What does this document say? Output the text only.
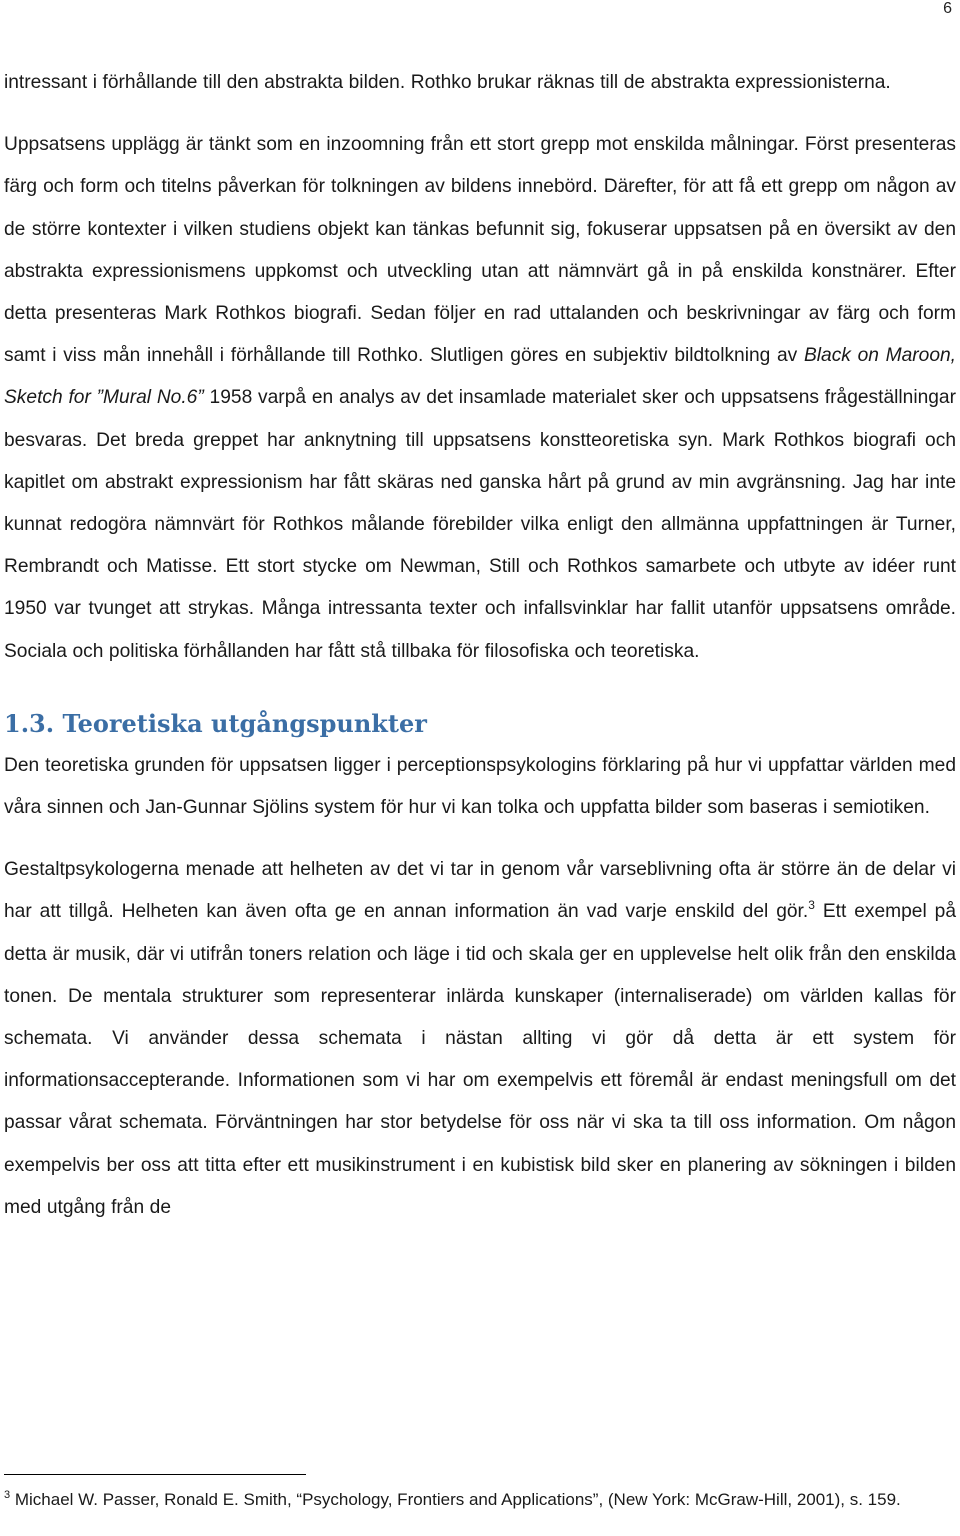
6

intressant i förhållande till den abstrakta bilden. Rothko brukar räknas till de abstrakta expressionisterna.

Uppsatsens upplägg är tänkt som en inzoomning från ett stort grepp mot enskilda målningar. Först presenteras färg och form och titelns påverkan för tolkningen av bildens innebörd. Därefter, för att få ett grepp om någon av de större kontexter i vilken studiens objekt kan tänkas befunnit sig, fokuserar uppsatsen på en översikt av den abstrakta expressionismens uppkomst och utveckling utan att nämnvärt gå in på enskilda konstnärer. Efter detta presenteras Mark Rothkos biografi. Sedan följer en rad uttalanden och beskrivningar av färg och form samt i viss mån innehåll i förhållande till Rothko. Slutligen göres en subjektiv bildtolkning av Black on Maroon, Sketch for ”Mural No.6” 1958 varpå en analys av det insamlade materialet sker och uppsatsens frågeställningar besvaras. Det breda greppet har anknytning till uppsatsens konstteoretiska syn. Mark Rothkos biografi och kapitlet om abstrakt expressionism har fått skäras ned ganska hårt på grund av min avgränsning. Jag har inte kunnat redogöra nämnvärt för Rothkos målande förebilder vilka enligt den allmänna uppfattningen är Turner, Rembrandt och Matisse. Ett stort stycke om Newman, Still och Rothkos samarbete och utbyte av idéer runt 1950 var tvunget att strykas. Många intressanta texter och infallsvinklar har fallit utanför uppsatsens område. Sociala och politiska förhållanden har fått stå tillbaka för filosofiska och teoretiska.

1.3. Teoretiska utgångspunkter

Den teoretiska grunden för uppsatsen ligger i perceptionspsykologins förklaring på hur vi uppfattar världen med våra sinnen och Jan-Gunnar Sjölins system för hur vi kan tolka och uppfatta bilder som baseras i semiotiken.

Gestaltpsykologerna menade att helheten av det vi tar in genom vår varseblivning ofta är större än de delar vi har att tillgå. Helheten kan även ofta ge en annan information än vad varje enskild del gör.$^3$ Ett exempel på detta är musik, där vi utifrån toners relation och läge i tid och skala ger en upplevelse helt olik från den enskilda tonen. De mentala strukturer som representerar inlärda kunskaper (internaliserade) om världen kallas för schemata. Vi använder dessa schemata i nästan allting vi gör då detta är ett system för informationsaccepterande. Informationen som vi har om exempelvis ett föremål är endast meningsfull om det passar vårat schemata. Förväntningen har stor betydelse för oss när vi ska ta till oss information. Om någon exempelvis ber oss att titta efter ett musikinstrument i en kubistisk bild sker en planering av sökningen i bilden med utgång från de

$^3$ Michael W. Passer, Ronald E. Smith, “Psychology, Frontiers and Applications”, (New York: McGraw-Hill, 2001), s. 159.
